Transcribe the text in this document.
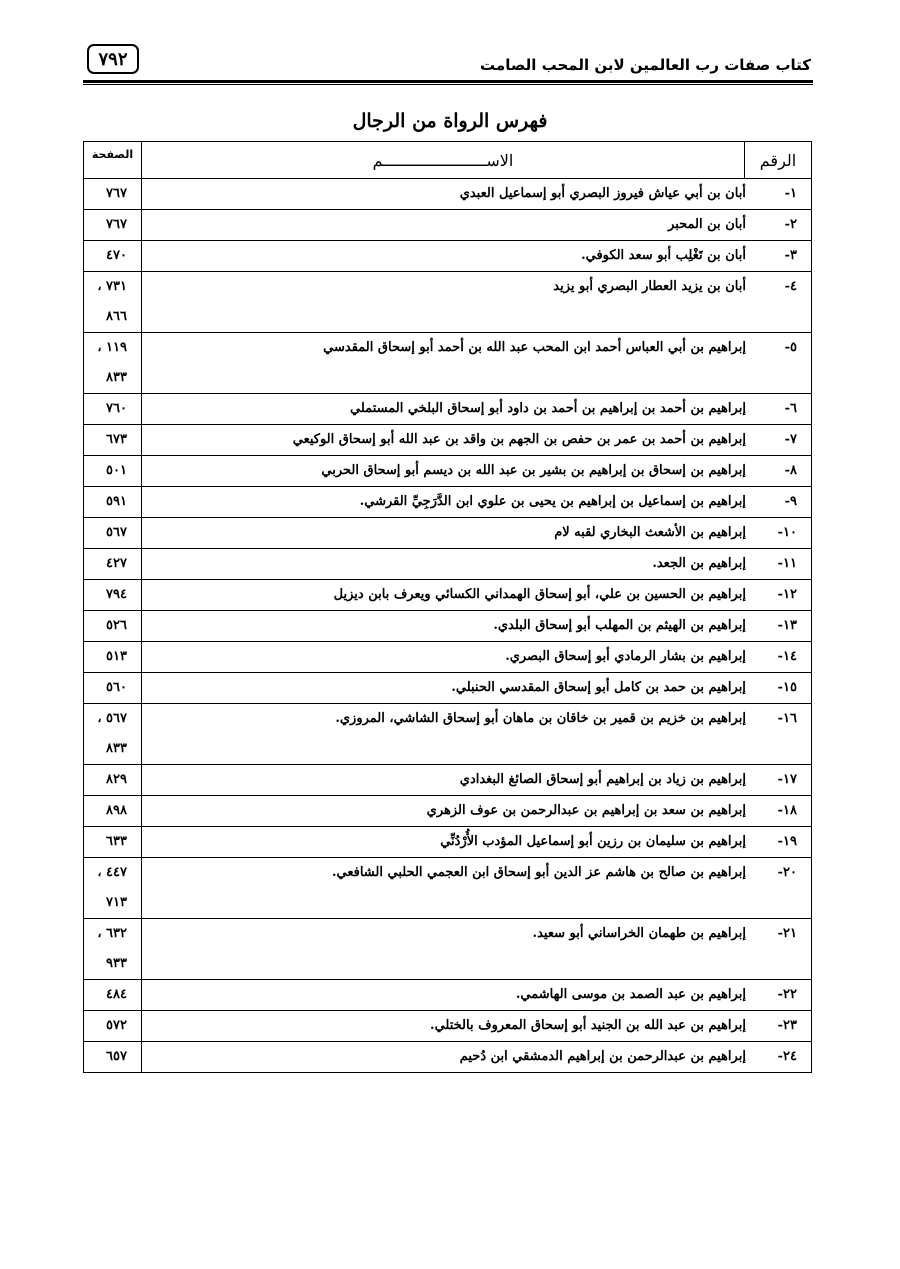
٧٩٢	كتاب صفات رب العالمين لابن المحب الصامت
فهرس الرواة من الرجال
الرقم	الاســــــــــــــــــــــم	الصفحة

١-  أبان بن أبي عياش فيروز البصري أبو إسماعيل العبدي		٧٦٧

٢-  أبان بن المحبر		٧٦٧

٣-  أبان بن تَغْلِب أبو سعد الكوفي.		٤٧٠

٤-  أبان بن يزيد العطار البصري أبو يزيد		٧٣١ ،
٨٦٦

٥-  إبراهيم بن أبي العباس أحمد ابن المحب عبد الله بن أحمد أبو إسحاق المقدسي		١١٩ ،
٨٣٣

٦-  إبراهيم بن أحمد بن إبراهيم بن أحمد بن داود أبو إسحاق البلخي المستملي		٧٦٠

٧-  إبراهيم بن أحمد بن عمر بن حفص بن الجهم بن واقد بن عبد الله أبو إسحاق الوكيعي		٦٧٣

٨-  إبراهيم بن إسحاق بن إبراهيم بن بشير بن عبد الله بن ديسم أبو إسحاق الحربي		٥٠١

٩-  إبراهيم بن إسماعيل بن إبراهيم بن يحيى بن علوي ابن الدَّرَجِيِّ القرشي.		٥٩١

١٠-  إبراهيم بن الأشعث البخاري لقبه لام		٥٦٧

١١-  إبراهيم بن الجعد.		٤٢٧

١٢-  إبراهيم بن الحسين بن علي، أبو إسحاق الهمداني الكسائي ويعرف بابن ديزيل		٧٩٤

١٣-  إبراهيم بن الهيثم بن المهلب أبو إسحاق البلدي.		٥٢٦

١٤-  إبراهيم بن بشار الرمادي أبو إسحاق البصري.		٥١٣

١٥-  إبراهيم بن حمد بن كامل أبو إسحاق المقدسي الحنبلي.		٥٦٠

١٦-  إبراهيم بن خزيم بن قمير بن خاقان بن ماهان أبو إسحاق الشاشي، المروزي.		٥٦٧ ،
٨٣٣

١٧-  إبراهيم بن زياد بن إبراهيم أبو إسحاق الصائغ البغدادي		٨٢٩

١٨-  إبراهيم بن سعد بن إبراهيم بن عبدالرحمن بن عوف الزهري		٨٩٨

١٩-  إبراهيم بن سليمان بن رزين أبو إسماعيل المؤدب الأُرْدُنِّي		٦٣٣

٢٠-  إبراهيم بن صالح بن هاشم عز الدين أبو إسحاق ابن العجمي الحلبي الشافعي.		٤٤٧ ،
٧١٣

٢١-  إبراهيم بن طهمان الخراساني أبو سعيد.		٦٣٢ ،
٩٣٣

٢٢-  إبراهيم بن عبد الصمد بن موسى الهاشمي.		٤٨٤

٢٣-  إبراهيم بن عبد الله بن الجنيد أبو إسحاق المعروف بالختلي.		٥٧٢

٢٤-  إبراهيم بن عبدالرحمن بن إبراهيم الدمشقي ابن دُحيم		٦٥٧
